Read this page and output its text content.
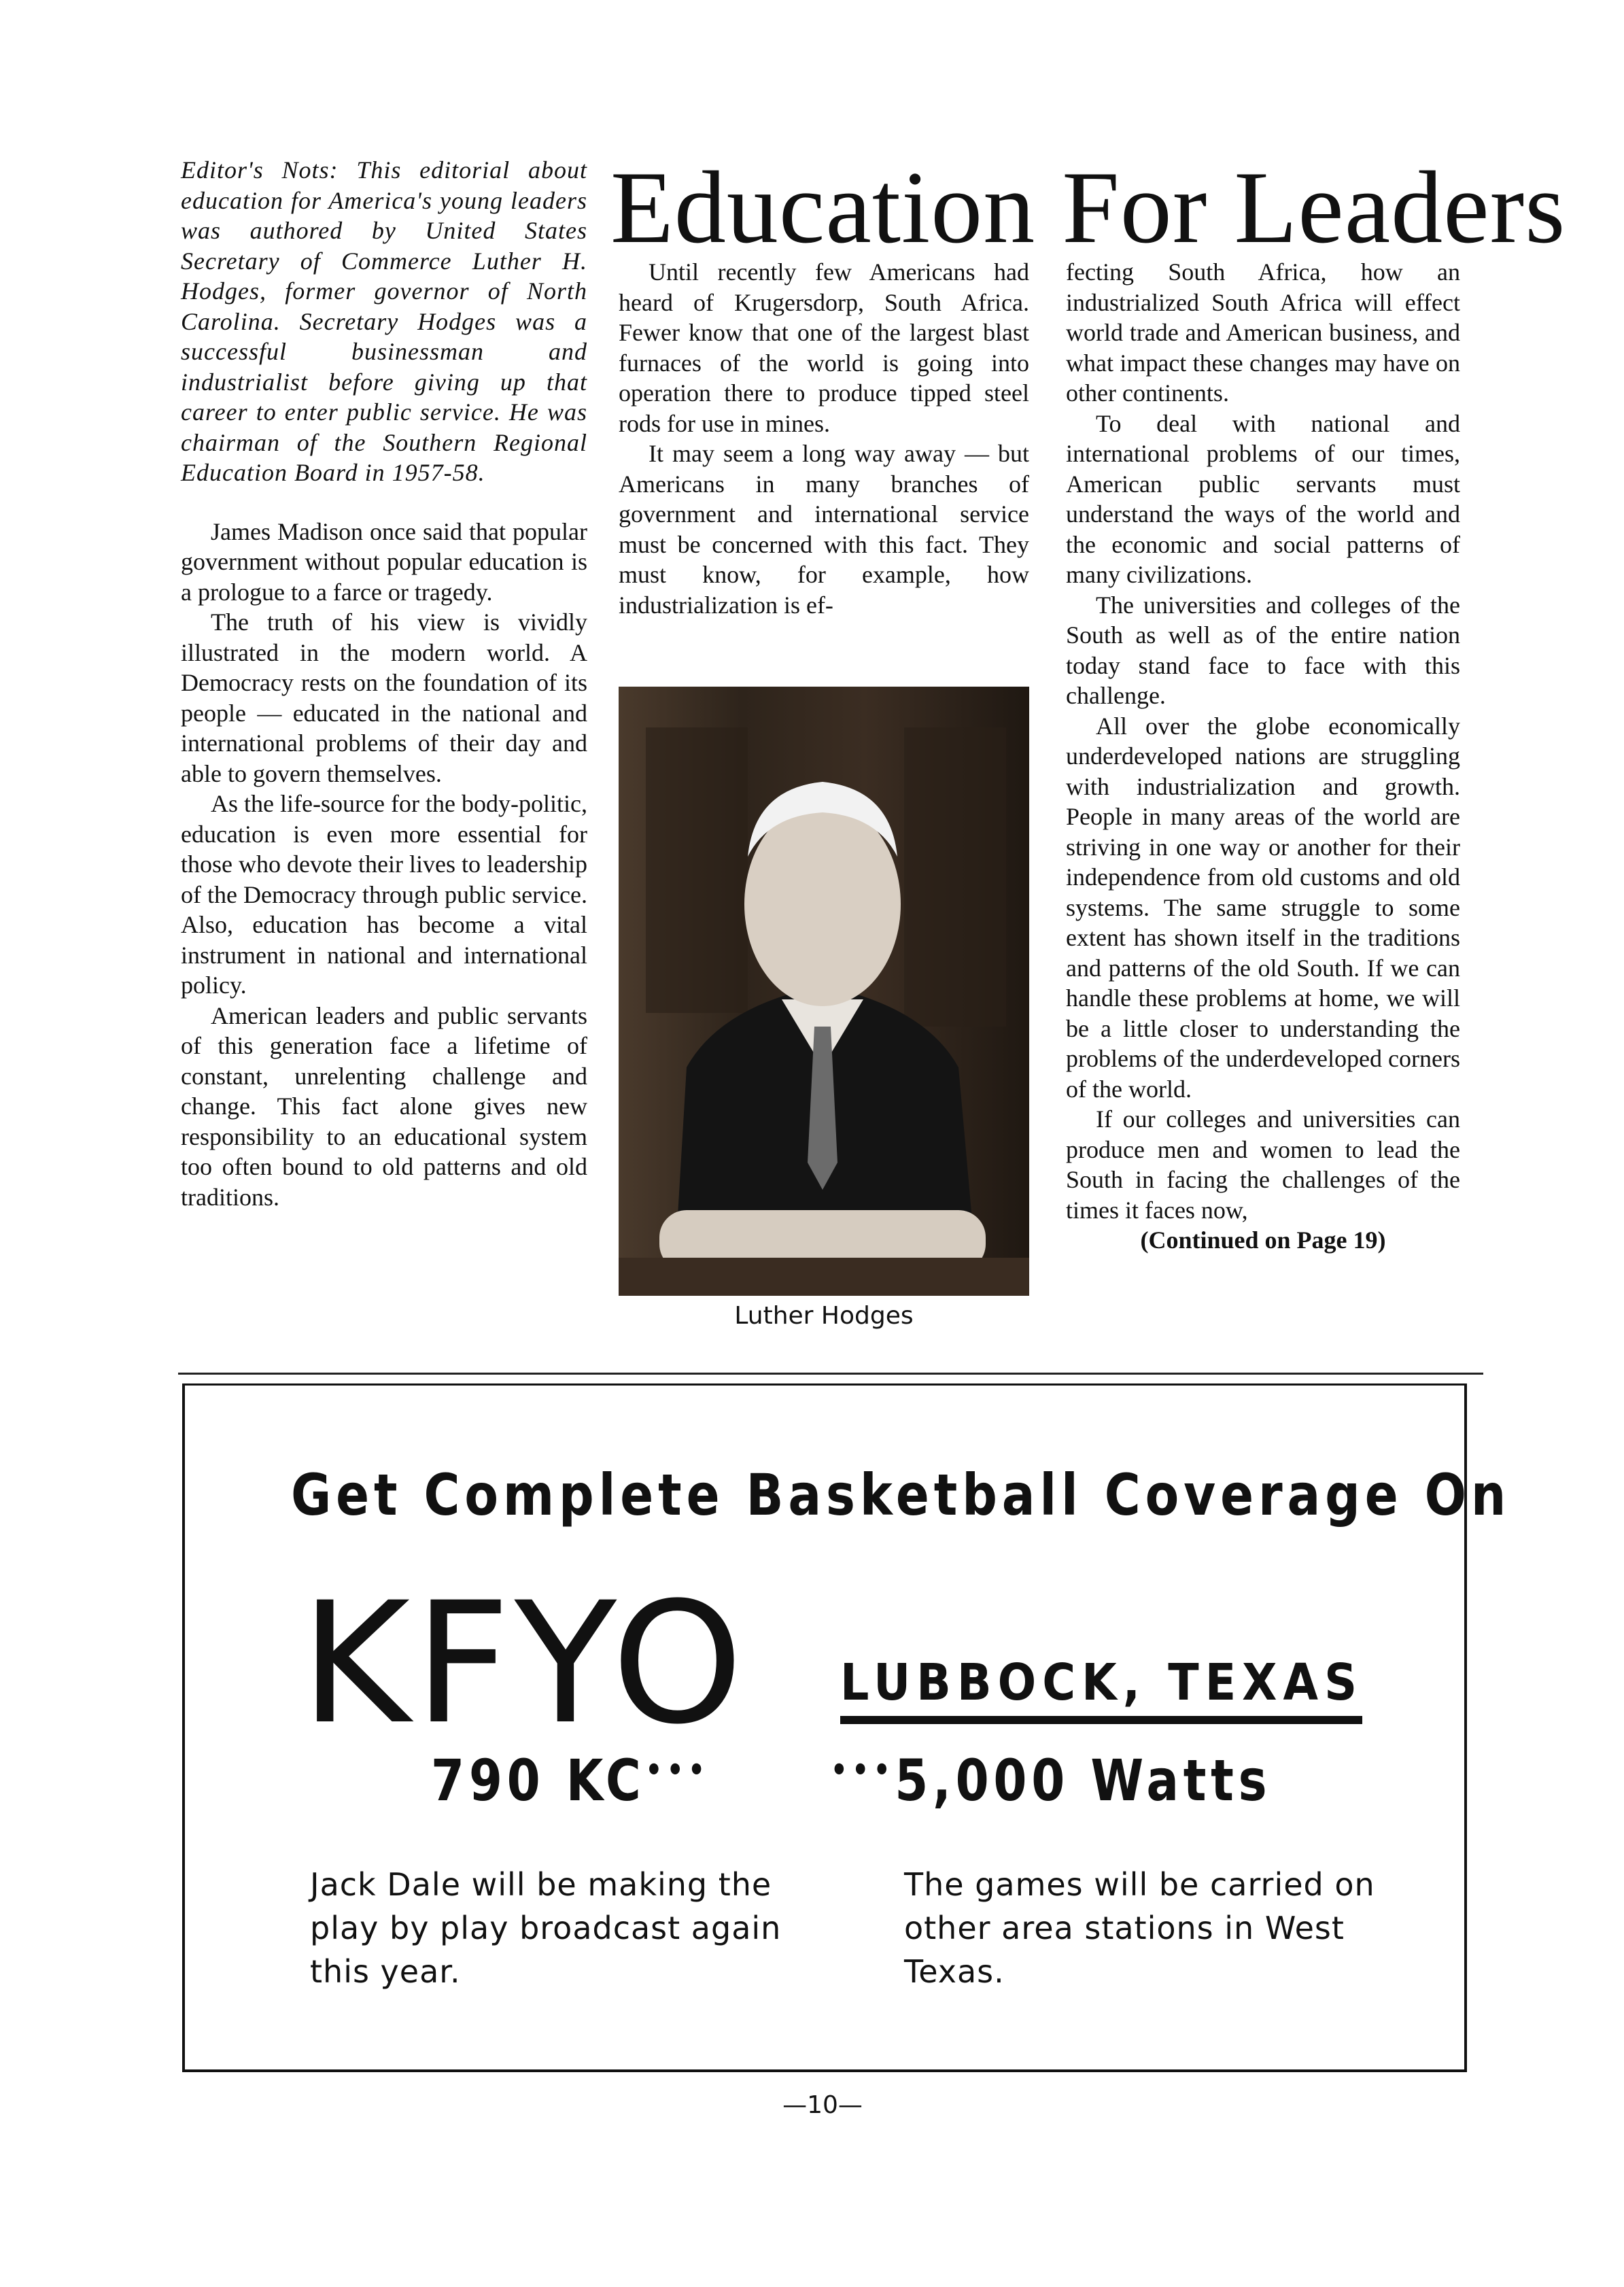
Editor's Nots: This editorial about education for America's young leaders was authored by United States Secretary of Commerce Luther H. Hodges, former governor of North Carolina. Secretary Hodges was a successful businessman and industrialist before giving up that career to enter public service. He was chairman of the Southern Regional Education Board in 1957-58.

James Madison once said that popular government without popular education is a prologue to a farce or tragedy.

The truth of his view is vividly illustrated in the modern world. A Democracy rests on the foundation of its people — educated in the national and international problems of their day and able to govern themselves.

As the life-source for the body-politic, education is even more essential for those who devote their lives to leadership of the Democracy through public service. Also, education has become a vital instrument in national and international policy.

American leaders and public servants of this generation face a lifetime of constant, unrelenting challenge and change. This fact alone gives new responsibility to an educational system too often bound to old patterns and old traditions.

Education For Leaders

Until recently few Americans had heard of Krugersdorp, South Africa. Fewer know that one of the largest blast furnaces of the world is going into operation there to produce tipped steel rods for use in mines.

It may seem a long way away — but Americans in many branches of government and international service must be concerned with this fact. They must know, for example, how industrialization is ef-

Luther Hodges

fecting South Africa, how an industrialized South Africa will effect world trade and American business, and what impact these changes may have on other continents.

To deal with national and international problems of our times, American public servants must understand the ways of the world and the economic and social patterns of many civilizations.

The universities and colleges of the South as well as of the entire nation today stand face to face with this challenge.

All over the globe economically underdeveloped nations are struggling with industrialization and growth. People in many areas of the world are striving in one way or another for their independence from old customs and old systems. The same struggle to some extent has shown itself in the traditions and patterns of the old South. If we can handle these problems at home, we will be a little closer to understanding the problems of the underdeveloped corners of the world.

If our colleges and universities can produce men and women to lead the South in facing the challenges of the times it faces now,

(Continued on Page 19)

Get Complete Basketball Coverage On
KFYO LUBBOCK, TEXAS
790 KC•••	•••5,000 Watts
Jack Dale will be making the play by play broadcast again this year.
The games will be carried on other area stations in West Texas.
—10—
